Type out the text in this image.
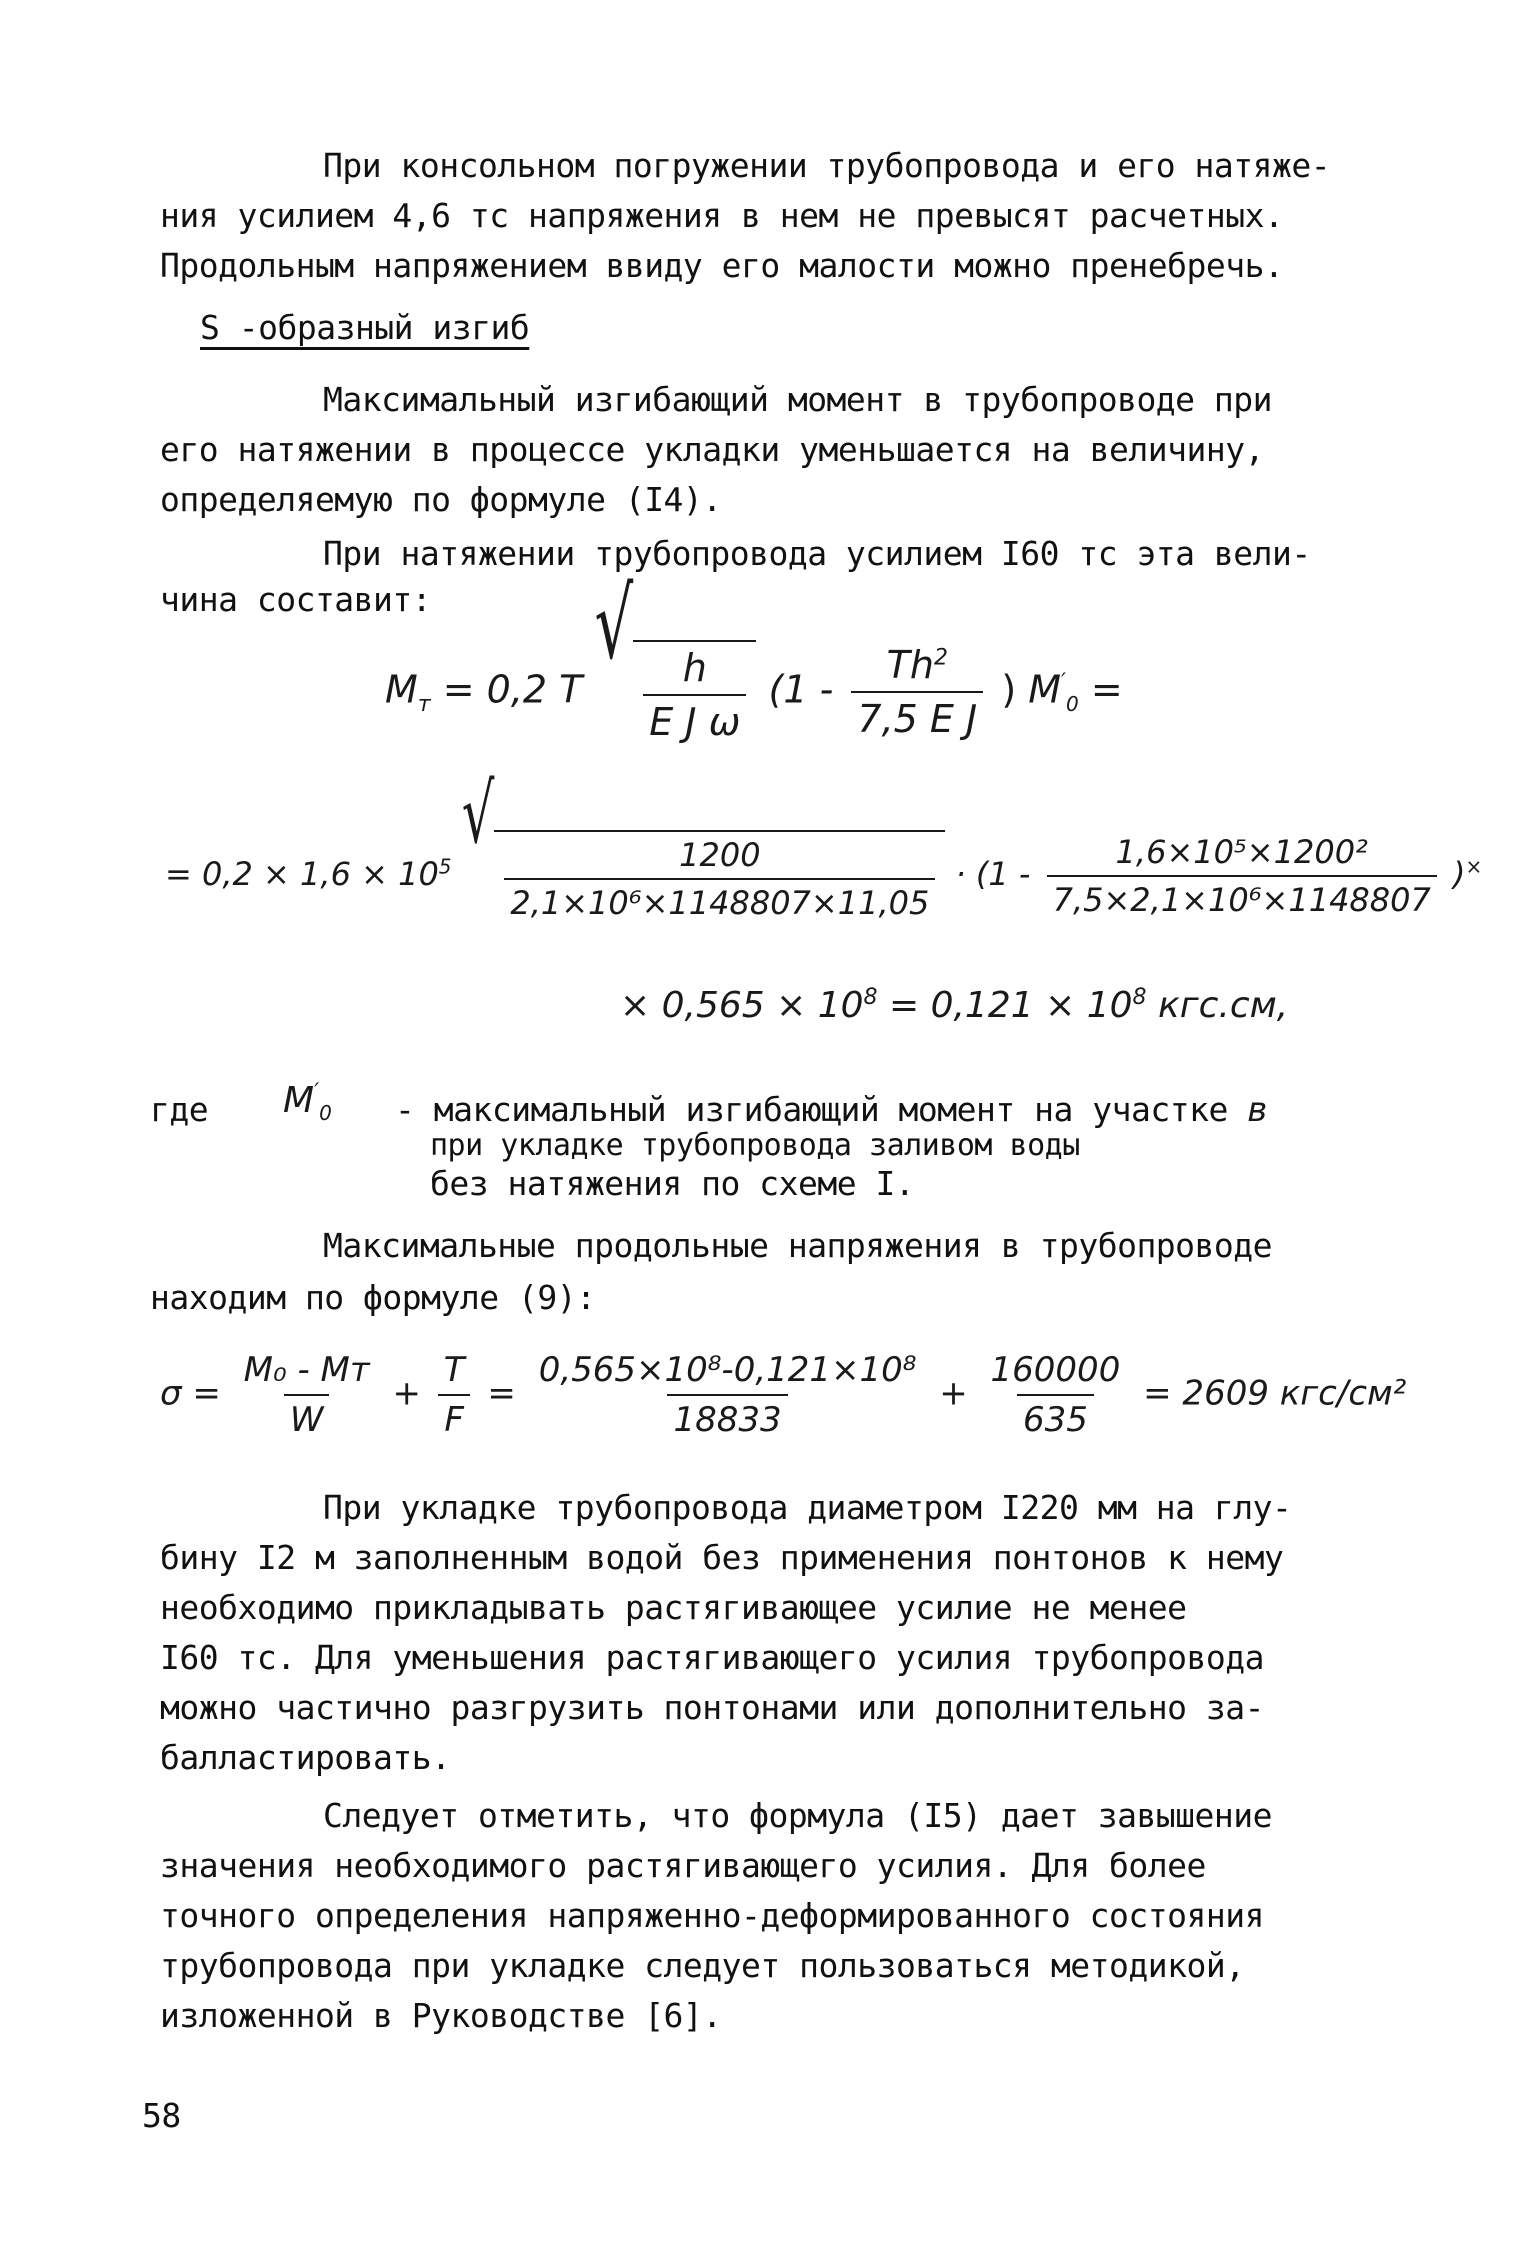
При консольном погружении трубопровода и его натяже-
ния усилием 4,6 тс напряжения в нем не превысят расчетных.
Продольным напряжением ввиду его малости можно пренебречь.
S -образный изгиб
Максимальный изгибающий момент в трубопроводе при
его натяжении в процессе укладки уменьшается на величину,
определяемую по формуле (I4).
При натяжении трубопровода усилием I60 тс эта вели-
чина составит:
$M_т = 0,2$ T
√
$\frac{h}{\text{E J ω}} (1 - \frac{Th^2}{\text{7,5 E J}}$ ) $M'_0$ =
= $0,2 \times 1,6 \times 10^5$
√
$\frac{1200}{\text{2,1×10⁶×1148807×11,05}} \cdot (1 - \frac{\text{1,6×10⁵×1200²}}{\text{7,5×2,1×10⁶×1148807}} )^\times$
× $0,565 \times 10^8 = 0,121 \times 10^8$ кгс.см,
где $M'_0$ - максимальный изгибающий момент на участке в
при укладке трубопровода заливом воды
без натяжения по схеме I.
Максимальные продольные напряжения в трубопроводе
находим по формуле (9):
$\sigma = \frac{\text{M₀ - Mт}}{W} + \frac{T}{F} = \frac{\text{0,565×10⁸-0,121×10⁸}}{18833} + \frac{160000}{635} = 2609$ кгс/см²
При укладке трубопровода диаметром I220 мм на глу-
бину I2 м заполненным водой без применения понтонов к нему
необходимо прикладывать растягивающее усилие не менее
I60 тс. Для уменьшения растягивающего усилия трубопровода
можно частично разгрузить понтонами или дополнительно за-
балластировать.
Следует отметить, что формула (I5) дает завышение
значения необходимого растягивающего усилия. Для более
точного определения напряженно-деформированного состояния
трубопровода при укладке следует пользоваться методикой,
изложенной в Руководстве [6].
58
